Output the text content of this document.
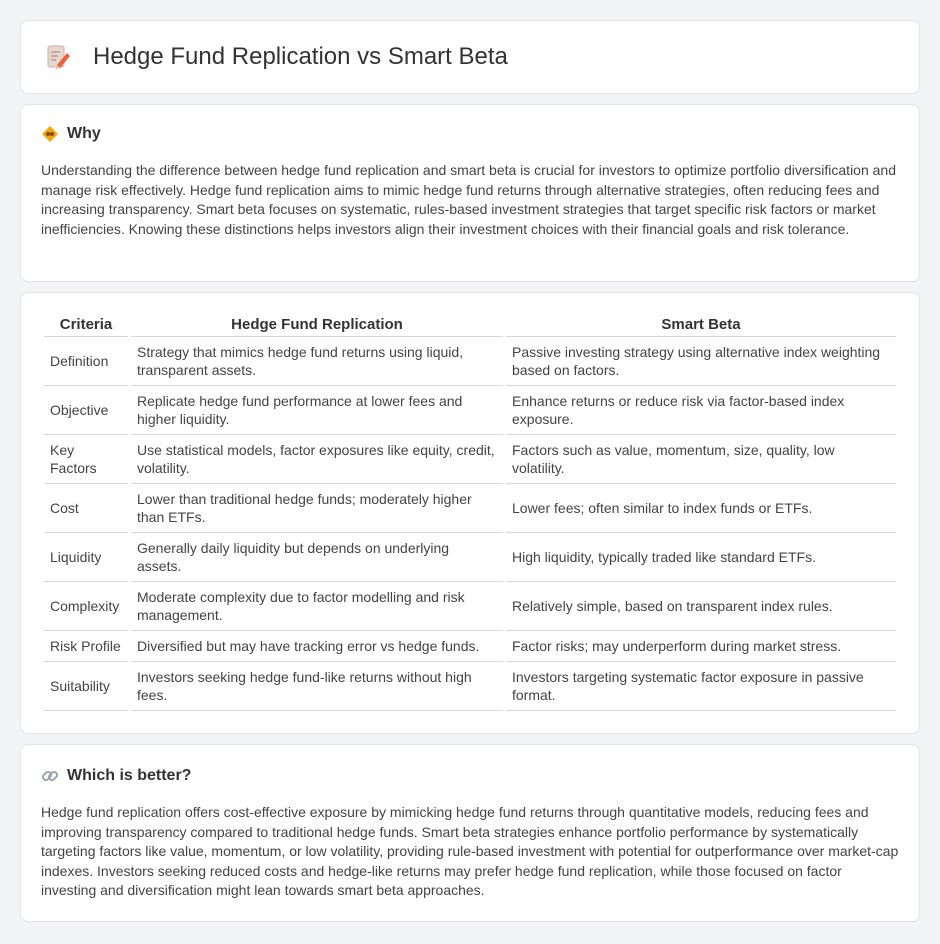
Hedge Fund Replication vs Smart Beta
Why

Understanding the difference between hedge fund replication and smart beta is crucial for investors to optimize portfolio diversification and manage risk effectively. Hedge fund replication aims to mimic hedge fund returns through alternative strategies, often reducing fees and increasing transparency. Smart beta focuses on systematic, rules-based investment strategies that target specific risk factors or market inefficiencies. Knowing these distinctions helps investors align their investment choices with their financial goals and risk tolerance.

Criteria	Hedge Fund Replication	Smart Beta
Definition	Strategy that mimics hedge fund returns using liquid, transparent assets.	Passive investing strategy using alternative index weighting based on factors.
Objective	Replicate hedge fund performance at lower fees and higher liquidity.	Enhance returns or reduce risk via factor-based index exposure.
Key Factors	Use statistical models, factor exposures like equity, credit, volatility.	Factors such as value, momentum, size, quality, low volatility.
Cost	Lower than traditional hedge funds; moderately higher than ETFs.	Lower fees; often similar to index funds or ETFs.
Liquidity	Generally daily liquidity but depends on underlying assets.	High liquidity, typically traded like standard ETFs.
Complexity	Moderate complexity due to factor modelling and risk management.	Relatively simple, based on transparent index rules.
Risk Profile	Diversified but may have tracking error vs hedge funds.	Factor risks; may underperform during market stress.
Suitability	Investors seeking hedge fund-like returns without high fees.	Investors targeting systematic factor exposure in passive format.
Which is better?

Hedge fund replication offers cost-effective exposure by mimicking hedge fund returns through quantitative models, reducing fees and improving transparency compared to traditional hedge funds. Smart beta strategies enhance portfolio performance by systematically targeting factors like value, momentum, or low volatility, providing rule-based investment with potential for outperformance over market-cap indexes. Investors seeking reduced costs and hedge-like returns may prefer hedge fund replication, while those focused on factor investing and diversification might lean towards smart beta approaches.
